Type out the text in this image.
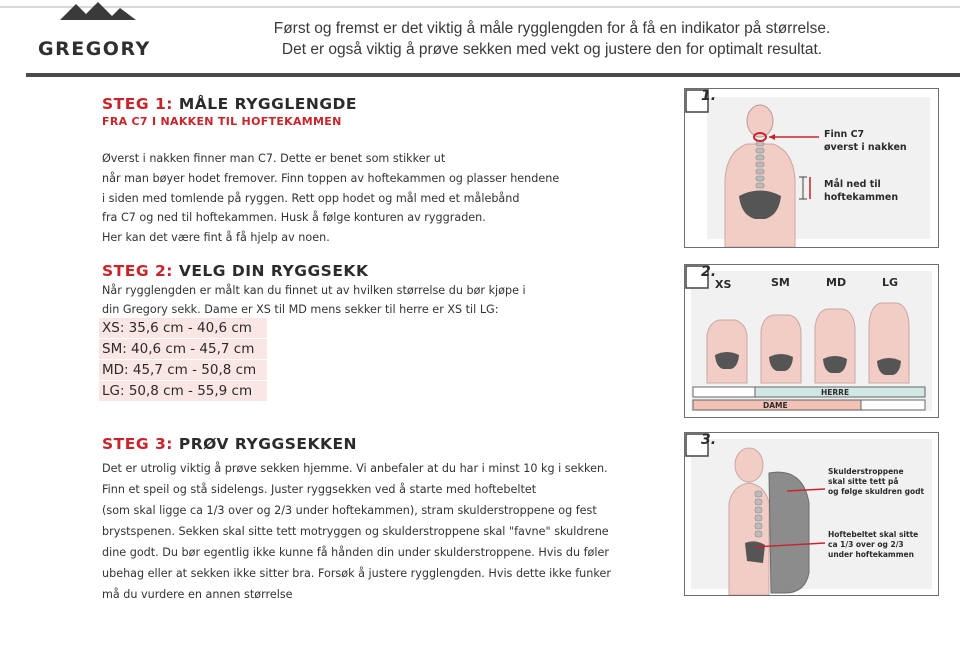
GREGORY

Først og fremst er det viktig å måle rygglengden for å få en indikator på størrelse.

Det er også viktig å prøve sekken med vekt og justere den for optimalt resultat.

STEG 1: MÅLE RYGGLENGDE
FRA C7 I NAKKEN TIL HOFTEKAMMEN

Øverst i nakken finner man C7. Dette er benet som stikker ut

når man bøyer hodet fremover. Finn toppen av hoftekammen og plasser hendene

i siden med tomlende på ryggen. Rett opp hodet og mål med et målebånd

fra C7 og ned til hoftekammen. Husk å følge konturen av ryggraden.

Her kan det være fint å få hjelp av noen.

STEG 2: VELG DIN RYGGSEKK

Når rygglengden er målt kan du finnet ut av hvilken størrelse du bør kjøpe i

din Gregory sekk. Dame er XS til MD mens sekker til herre er XS til LG:

XS: 35,6 cm - 40,6 cm
SM: 40,6 cm - 45,7 cm
MD: 45,7 cm - 50,8 cm
LG: 50,8 cm - 55,9 cm
STEG 3: PRØV RYGGSEKKEN

Det er utrolig viktig å prøve sekken hjemme. Vi anbefaler at du har i minst 10 kg i sekken.

Finn et speil og stå sidelengs. Juster ryggsekken ved å starte med hoftebeltet

(som skal ligge ca 1/3 over og 2/3 under hoftekammen), stram skulderstroppene og fest

brystspenen. Sekken skal sitte tett motryggen og skulderstroppene skal "favne" skuldrene

dine godt. Du bør egentlig ikke kunne få hånden din under skulderstroppene. Hvis du føler

ubehag eller at sekken ikke sitter bra. Forsøk å justere rygglengden. Hvis dette ikke funker

må du vurdere en annen størrelse

1.
Finn C7
øverst i nakken
Mål ned til
hoftekammen
2.
XS	SM	MD	LG
HERRE
DAME
3.
Skulderstroppene
skal sitte tett på
og følge skuldren godt
Hoftebeltet skal sitte
ca 1/3 over og 2/3
under hoftekammen
